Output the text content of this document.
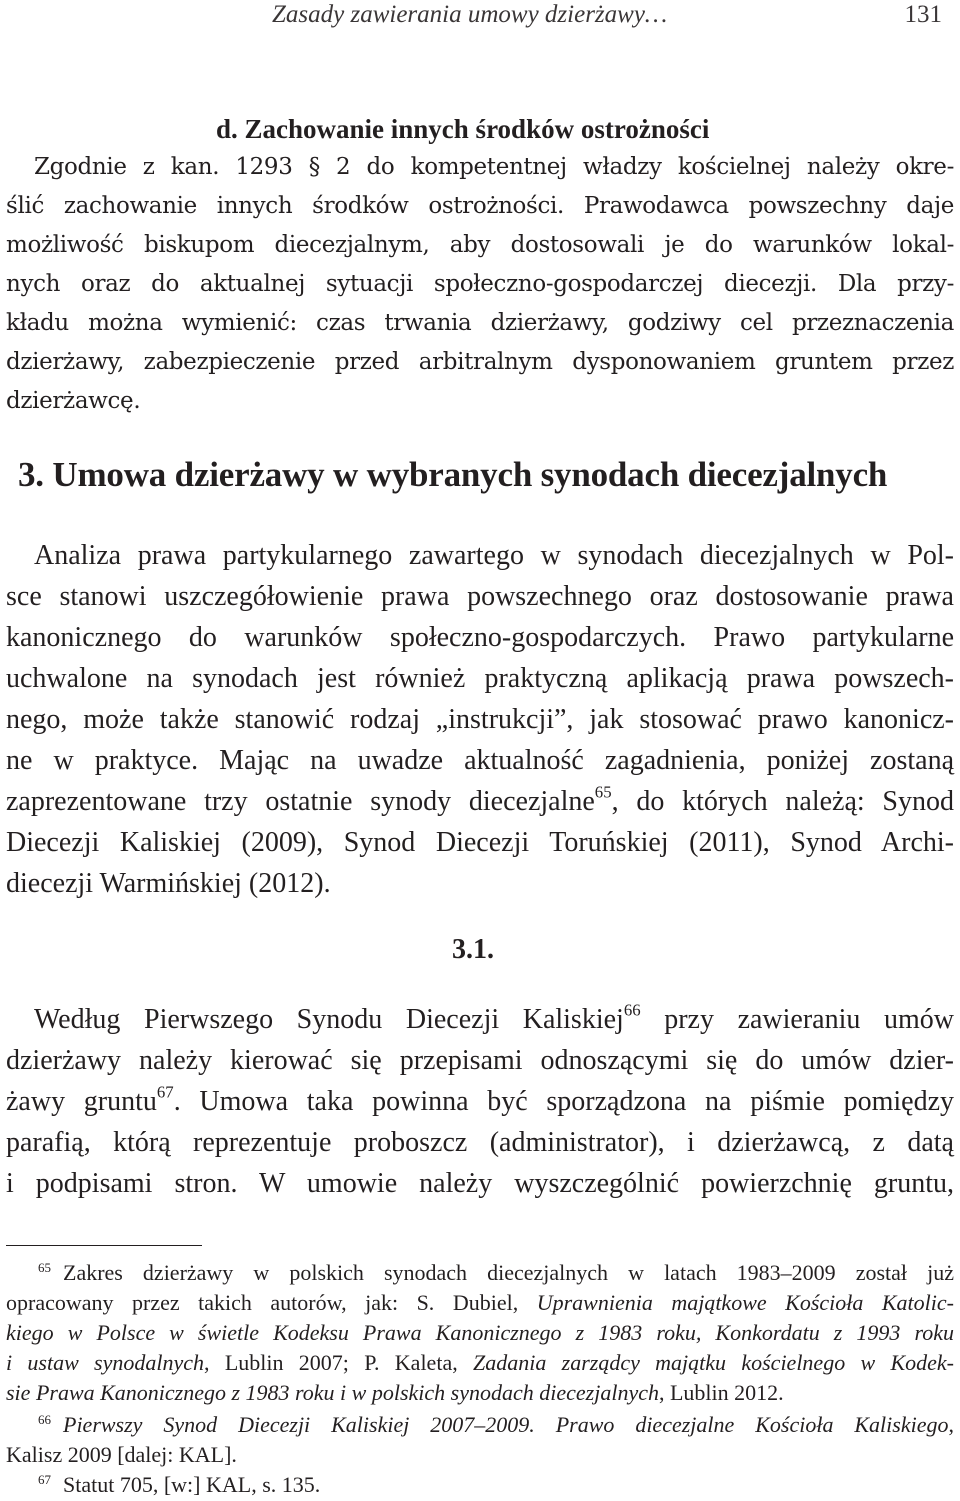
Zasady zawierania umowy dzierżawy…	131
d. Zachowanie innych środków ostrożności
Zgodnie z kan. 1293 § 2 do kompetentnej władzy kościelnej należy okre-
ślić zachowanie innych środków ostrożności. Prawodawca powszechny daje
możliwość biskupom diecezjalnym, aby dostosowali je do warunków lokal-
nych oraz do aktualnej sytuacji społeczno-gospodarczej diecezji. Dla przy-
kładu można wymienić: czas trwania dzierżawy, godziwy cel przeznaczenia
dzierżawy, zabezpieczenie przed arbitralnym dysponowaniem gruntem przez
dzierżawcę.
3. Umowa dzierżawy w wybranych synodach diecezjalnych
Analiza prawa partykularnego zawartego w synodach diecezjalnych w Pol-
sce stanowi uszczegółowienie prawa powszechnego oraz dostosowanie prawa
kanonicznego do warunków społeczno-gospodarczych. Prawo partykularne
uchwalone na synodach jest również praktyczną aplikacją prawa powszech-
nego, może także stanowić rodzaj „instrukcji”, jak stosować prawo kanonicz-
ne w praktyce. Mając na uwadze aktualność zagadnienia, poniżej zostaną
zaprezentowane trzy ostatnie synody diecezjalne$^{65}$, do których należą: Synod
Diecezji Kaliskiej (2009), Synod Diecezji Toruńskiej (2011), Synod Archi-
diecezji Warmińskiej (2012).
3.1.
Według Pierwszego Synodu Diecezji Kaliskiej$^{66}$ przy zawieraniu umów
dzierżawy należy kierować się przepisami odnoszącymi się do umów dzier-
żawy gruntu$^{67}$. Umowa taka powinna być sporządzona na piśmie pomiędzy
parafią, którą reprezentuje proboszcz (administrator), i dzierżawcą, z datą
i podpisami stron. W umowie należy wyszczególnić powierzchnię gruntu,
$^{65}$ Zakres dzierżawy w polskich synodach diecezjalnych w latach 1983–2009 został już
opracowany przez takich autorów, jak: S. Dubiel, Uprawnienia majątkowe Kościoła Katolic-
kiego w Polsce w świetle Kodeksu Prawa Kanonicznego z 1983 roku, Konkordatu z 1993 roku
i ustaw synodalnych, Lublin 2007; P. Kaleta, Zadania zarządcy majątku kościelnego w Kodek-
sie Prawa Kanonicznego z 1983 roku i w polskich synodach diecezjalnych, Lublin 2012.
$^{66}$ Pierwszy Synod Diecezji Kaliskiej 2007–2009. Prawo diecezjalne Kościoła Kaliskiego,
Kalisz 2009 [dalej: KAL].
$^{67}$ Statut 705, [w:] KAL, s. 135.
